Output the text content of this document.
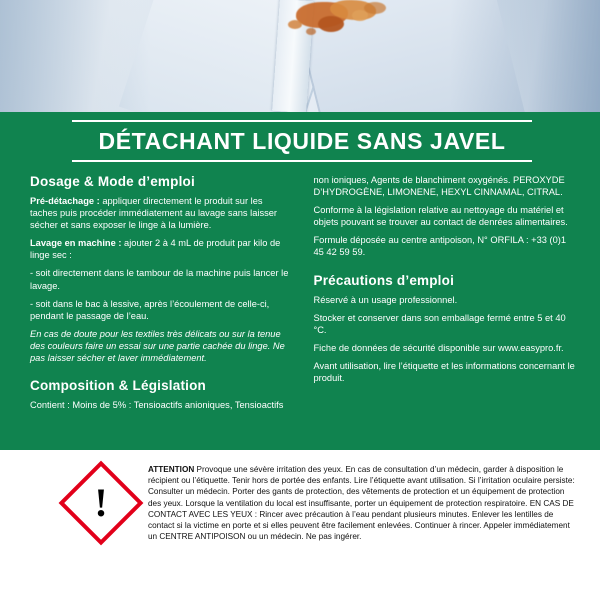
DÉTACHANT LIQUIDE SANS JAVEL
Dosage & Mode d’emploi

Pré-détachage : appliquer directement le produit sur les taches puis procéder immédiatement au lavage sans laisser sécher et sans exposer le linge à la lumière.

Lavage en machine : ajouter 2 à 4 mL de produit par kilo de linge sec :

- soit directement dans le tambour de la machine puis lancer le lavage.

- soit dans le bac à lessive, après l’écoulement de celle-ci, pendant le passage de l’eau.

En cas de doute pour les textiles très délicats ou sur la tenue des couleurs faire un essai sur une partie cachée du linge. Ne pas laisser sécher et laver immédiatement.

Composition & Législation

Contient : Moins de 5% : Tensioactifs anioniques, Tensioactifs

non ioniques, Agents de blanchiment oxygénés. PEROXYDE D’HYDROGÈNE, LIMONENE, HEXYL CINNAMAL, CITRAL.

Conforme à la législation relative au nettoyage du matériel et objets pouvant se trouver au contact de denrées alimentaires.

Formule déposée au centre antipoison, N° ORFILA : +33 (0)1 45 42 59 59.

Précautions d’emploi

Réservé à un usage professionnel.

Stocker et conserver dans son emballage fermé entre 5 et 40 °C.

Fiche de données de sécurité disponible sur www.easypro.fr.

Avant utilisation, lire l’étiquette et les informations concernant le produit.

!
ATTENTION Provoque une sévère irritation des yeux. En cas de consultation d’un médecin, garder à disposition le récipient ou l’étiquette. Tenir hors de portée des enfants. Lire l’étiquette avant utilisation. Si l’irritation oculaire persiste: Consulter un médecin. Porter des gants de protection, des vêtements de protection et un équipement de protection des yeux. Lorsque la ventilation du local est insuffisante, porter un équipement de protection respiratoire. EN CAS DE CONTACT AVEC LES YEUX : Rincer avec précaution à l’eau pendant plusieurs minutes. Enlever les lentilles de contact si la victime en porte et si elles peuvent être facilement enlevées. Continuer à rincer. Appeler immédiatement un CENTRE ANTIPOISON ou un médecin. Ne pas ingérer.
